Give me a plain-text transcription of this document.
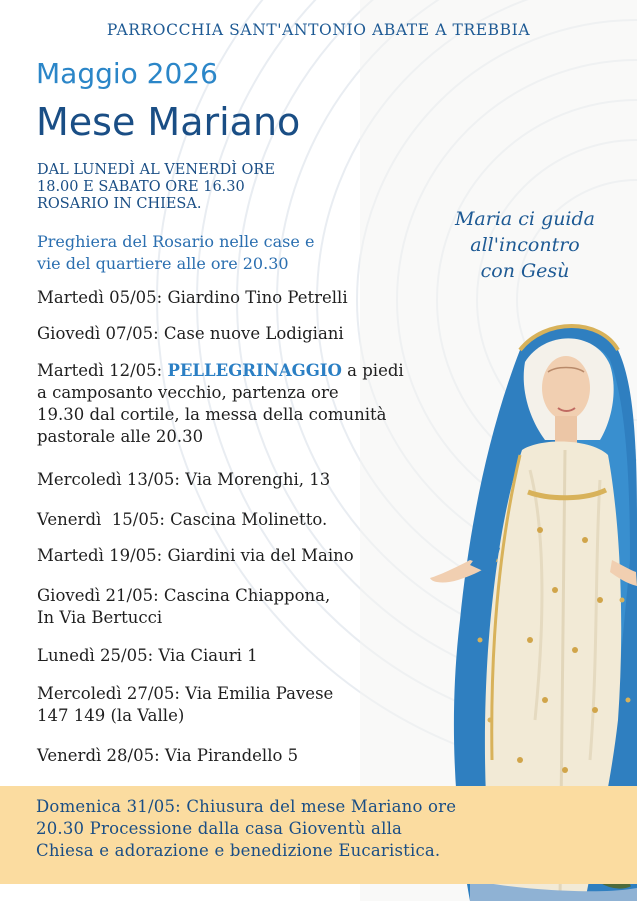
PARROCCHIA SANT'ANTONIO ABATE A TREBBIA
Maggio 2026
Mese Mariano
DAL LUNEDÌ AL VENERDÌ ORE
18.00 E SABATO ORE 16.30
ROSARIO IN CHIESA.
Preghiera del Rosario nelle case e
vie del quartiere alle ore 20.30
Maria ci guida
all'incontro
con Gesù
Martedì 05/05: Giardino Tino Petrelli
Giovedì 07/05: Case nuove Lodigiani
Martedì 12/05: PELLEGRINAGGIO a piedi
a camposanto vecchio, partenza ore
19.30 dal cortile, la messa della comunità
pastorale alle 20.30
Mercoledì 13/05: Via Morenghi, 13
Venerdì  15/05: Cascina Molinetto.
Martedì 19/05: Giardini via del Maino
Giovedì 21/05: Cascina Chiappona,
In Via Bertucci
Lunedì 25/05: Via Ciauri 1
Mercoledì 27/05: Via Emilia Pavese
147 149 (la Valle)
Venerdì 28/05: Via Pirandello 5
Domenica 31/05: Chiusura del mese Mariano ore
20.30 Processione dalla casa Gioventù alla
Chiesa e adorazione e benedizione Eucaristica.
